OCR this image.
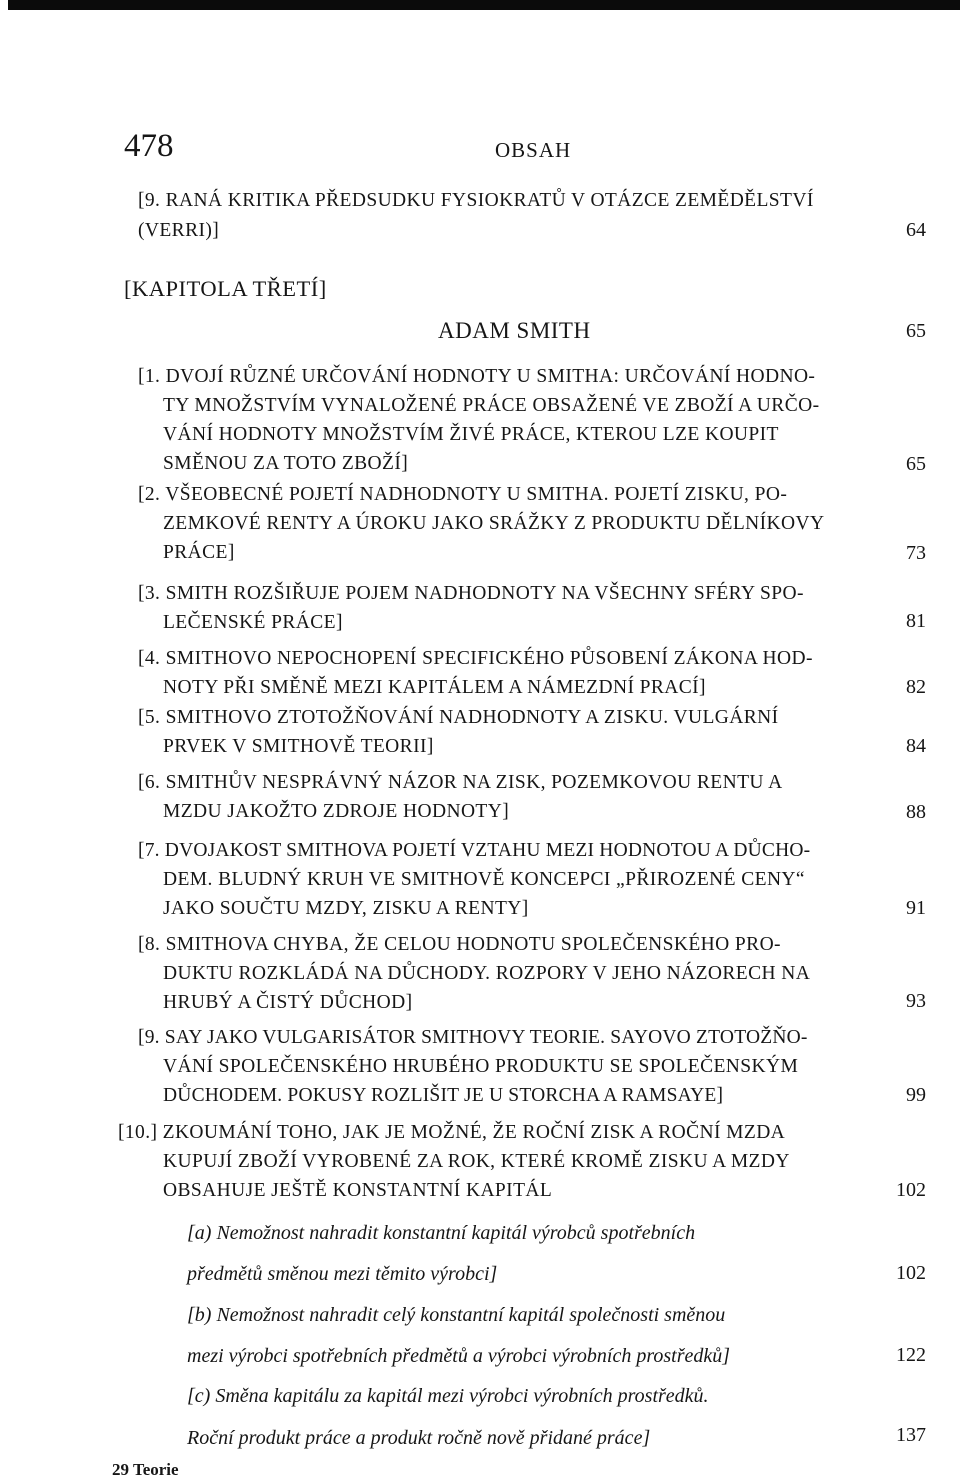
478	OBSAH
[9. RANÁ KRITIKA PŘEDSUDKU FYSIOKRATŮ V OTÁZCE ZEMĚDĚLSTVÍ
(VERRI)]	64
[KAPITOLA TŘETÍ]
ADAM SMITH	65
[1. DVOJÍ RŮZNÉ URČOVÁNÍ HODNOTY U SMITHA: URČOVÁNÍ HODNO-
TY MNOŽSTVÍM VYNALOŽENÉ PRÁCE OBSAŽENÉ VE ZBOŽÍ A URČO-
VÁNÍ HODNOTY MNOŽSTVÍM ŽIVÉ PRÁCE, KTEROU LZE KOUPIT
SMĚNOU ZA TOTO ZBOŽÍ]	65
[2. VŠEOBECNÉ POJETÍ NADHODNOTY U SMITHA. POJETÍ ZISKU, PO-
ZEMKOVÉ RENTY A ÚROKU JAKO SRÁŽKY Z PRODUKTU DĚLNÍKOVY
PRÁCE]	73
[3. SMITH ROZŠIŘUJE POJEM NADHODNOTY NA VŠECHNY SFÉRY SPO-
LEČENSKÉ PRÁCE]	81
[4. SMITHOVO NEPOCHOPENÍ SPECIFICKÉHO PŮSOBENÍ ZÁKONA HOD-
NOTY PŘI SMĚNĚ MEZI KAPITÁLEM A NÁMEZDNÍ PRACÍ]	82
[5. SMITHOVO ZTOTOŽŇOVÁNÍ NADHODNOTY A ZISKU. VULGÁRNÍ
PRVEK V SMITHOVĚ TEORII]	84
[6. SMITHŮV NESPRÁVNÝ NÁZOR NA ZISK, POZEMKOVOU RENTU A
MZDU JAKOŽTO ZDROJE HODNOTY]	88
[7. DVOJAKOST SMITHOVA POJETÍ VZTAHU MEZI HODNOTOU A DŮCHO-
DEM. BLUDNÝ KRUH VE SMITHOVĚ KONCEPCI „PŘIROZENÉ CENY“
JAKO SOUČTU MZDY, ZISKU A RENTY]	91
[8. SMITHOVA CHYBA, ŽE CELOU HODNOTU SPOLEČENSKÉHO PRO-
DUKTU ROZKLÁDÁ NA DŮCHODY. ROZPORY V JEHO NÁZORECH NA
HRUBÝ A ČISTÝ DŮCHOD]	93
[9. SAY JAKO VULGARISÁTOR SMITHOVY TEORIE. SAYOVO ZTOTOŽŇO-
VÁNÍ SPOLEČENSKÉHO HRUBÉHO PRODUKTU SE SPOLEČENSKÝM
DŮCHODEM. POKUSY ROZLIŠIT JE U STORCHA A RAMSAYE]	99
[10.] ZKOUMÁNÍ TOHO, JAK JE MOŽNÉ, ŽE ROČNÍ ZISK A ROČNÍ MZDA
KUPUJÍ ZBOŽÍ VYROBENÉ ZA ROK, KTERÉ KROMĚ ZISKU A MZDY
OBSAHUJE JEŠTĚ KONSTANTNÍ KAPITÁL	102
[a) Nemožnost nahradit konstantní kapitál výrobců spotřebních
předmětů směnou mezi těmito výrobci]	102
[b) Nemožnost nahradit celý konstantní kapitál společnosti směnou
mezi výrobci spotřebních předmětů a výrobci výrobních prostředků]	122
[c) Směna kapitálu za kapitál mezi výrobci výrobních prostředků.
Roční produkt práce a produkt ročně nově přidané práce]	137
29 Teorie
